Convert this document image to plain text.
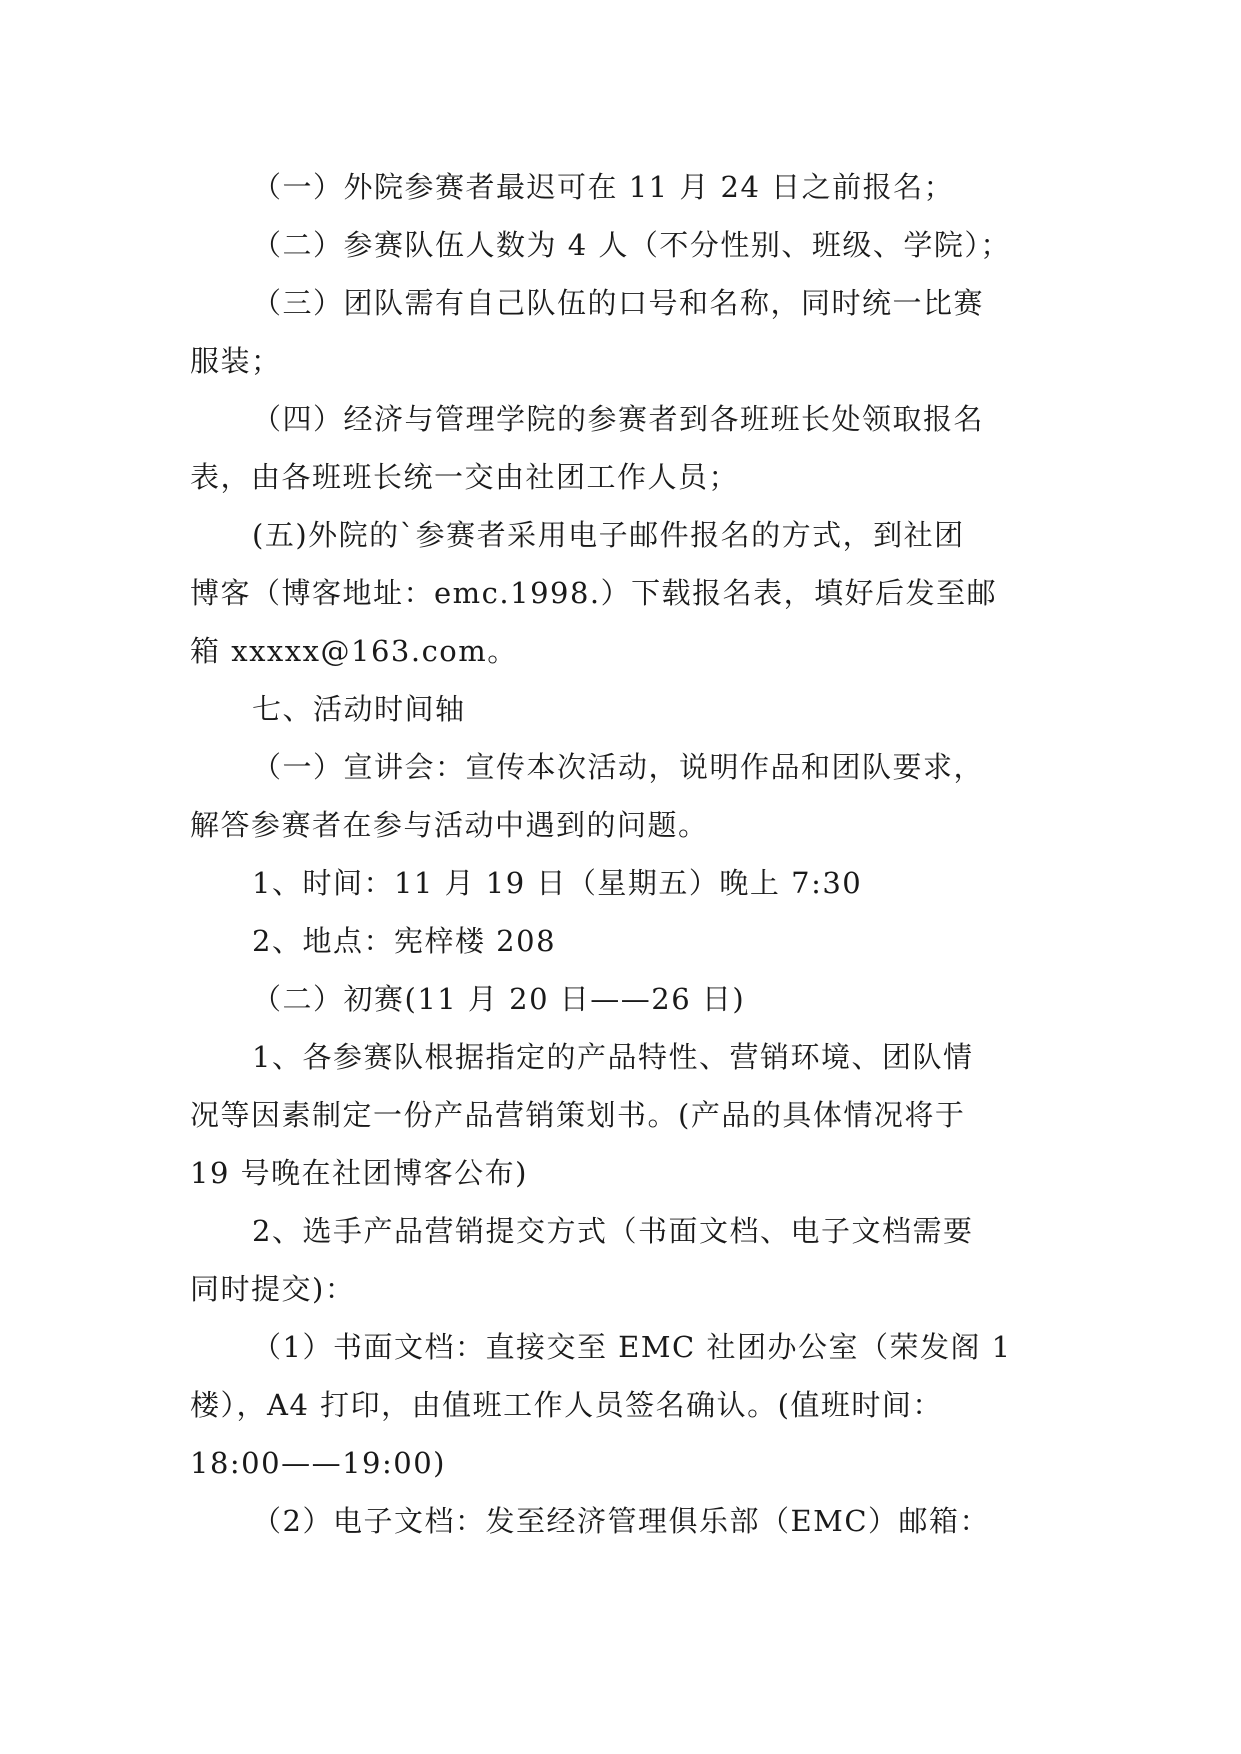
（一）外院参赛者最迟可在 11 月 24 日之前报名；

（二）参赛队伍人数为 4 人（不分性别、班级、学院）；

（三）团队需有自己队伍的口号和名称，同时统一比赛

服装；

（四）经济与管理学院的参赛者到各班班长处领取报名

表，由各班班长统一交由社团工作人员；

(五)外院的`参赛者采用电子邮件报名的方式，到社团

博客（博客地址：emc.1998.）下载报名表，填好后发至邮

箱 xxxxx@163.com。

七、活动时间轴

（一）宣讲会：宣传本次活动，说明作品和团队要求，

解答参赛者在参与活动中遇到的问题。

1、时间：11 月 19 日（星期五）晚上 7:30

2、地点：宪梓楼 208

（二）初赛(11 月 20 日——26 日)

1、各参赛队根据指定的产品特性、营销环境、团队情

况等因素制定一份产品营销策划书。(产品的具体情况将于

19 号晚在社团博客公布)

2、选手产品营销提交方式（书面文档、电子文档需要

同时提交)：

（1）书面文档：直接交至 EMC 社团办公室（荣发阁 1

楼），A4 打印，由值班工作人员签名确认。(值班时间：

18:00——19:00)

（2）电子文档：发至经济管理俱乐部（EMC）邮箱：
